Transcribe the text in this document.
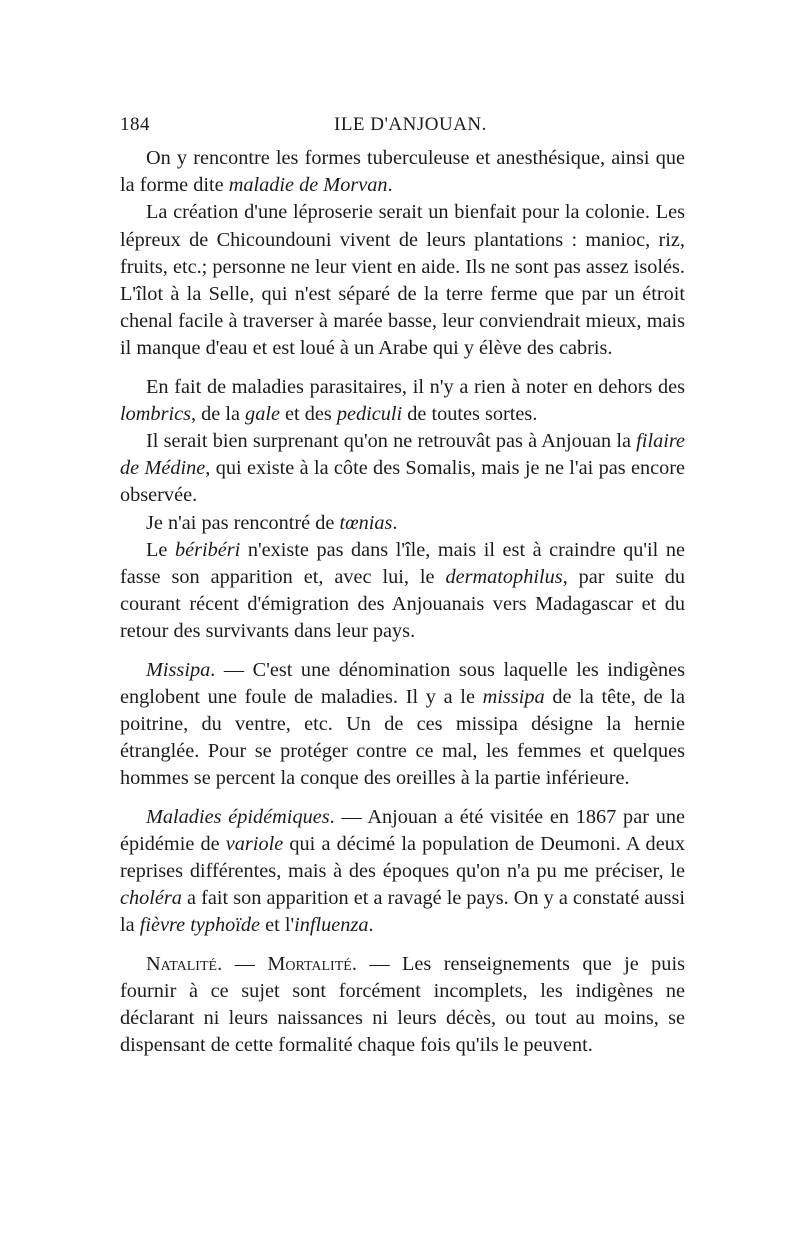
184	ILE D'ANJOUAN.

On y rencontre les formes tuberculeuse et anesthésique, ainsi que la forme dite maladie de Morvan.

La création d'une léproserie serait un bienfait pour la colonie. Les lépreux de Chicoundouni vivent de leurs plantations : manioc, riz, fruits, etc.; personne ne leur vient en aide. Ils ne sont pas assez isolés. L'îlot à la Selle, qui n'est séparé de la terre ferme que par un étroit chenal facile à traverser à marée basse, leur conviendrait mieux, mais il manque d'eau et est loué à un Arabe qui y élève des cabris.

En fait de maladies parasitaires, il n'y a rien à noter en dehors des lombrics, de la gale et des pediculi de toutes sortes.

Il serait bien surprenant qu'on ne retrouvât pas à Anjouan la filaire de Médine, qui existe à la côte des Somalis, mais je ne l'ai pas encore observée.

Je n'ai pas rencontré de tœnias.

Le béribéri n'existe pas dans l'île, mais il est à craindre qu'il ne fasse son apparition et, avec lui, le dermatophilus, par suite du courant récent d'émigration des Anjouanais vers Madagascar et du retour des survivants dans leur pays.

Missipa. — C'est une dénomination sous laquelle les indigènes englobent une foule de maladies. Il y a le missipa de la tête, de la poitrine, du ventre, etc. Un de ces missipa désigne la hernie étranglée. Pour se protéger contre ce mal, les femmes et quelques hommes se percent la conque des oreilles à la partie inférieure.

Maladies épidémiques. — Anjouan a été visitée en 1867 par une épidémie de variole qui a décimé la population de Deumoni. A deux reprises différentes, mais à des époques qu'on n'a pu me préciser, le choléra a fait son apparition et a ravagé le pays. On y a constaté aussi la fièvre typhoïde et l'influenza.

Natalité. — Mortalité. — Les renseignements que je puis fournir à ce sujet sont forcément incomplets, les indigènes ne déclarant ni leurs naissances ni leurs décès, ou tout au moins, se dispensant de cette formalité chaque fois qu'ils le peuvent.
